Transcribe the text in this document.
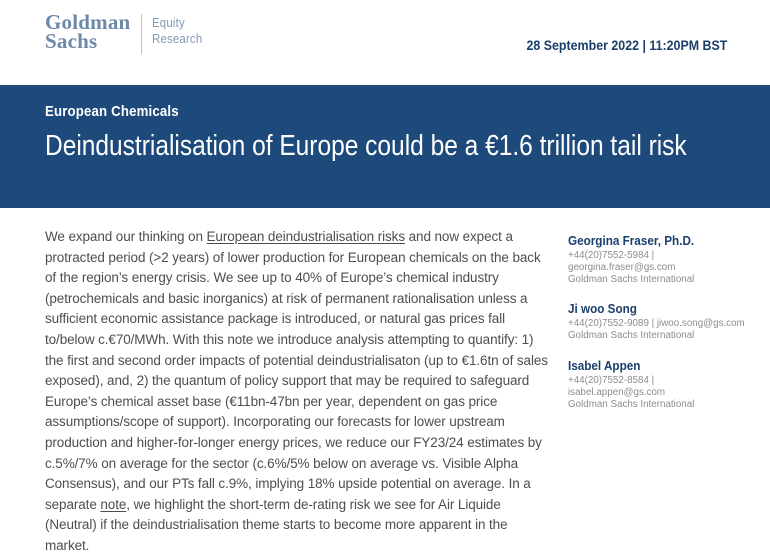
Goldman
Sachs
Equity
Research	28 September 2022 | 11:20PM BST
European Chemicals
Deindustrialisation of Europe could be a €1.6 trillion tail risk

We expand our thinking on European deindustrialisation risks and now expect a protracted period (>2 years) of lower production for European chemicals on the back of the region’s energy crisis. We see up to 40% of Europe’s chemical industry (petrochemicals and basic inorganics) at risk of permanent rationalisation unless a sufficient economic assistance package is introduced, or natural gas prices fall to/below c.€70/MWh. With this note we introduce analysis attempting to quantify: 1) the first and second order impacts of potential deindustrialisaton (up to €1.6tn of sales exposed), and, 2) the quantum of policy support that may be required to safeguard Europe’s chemical asset base (€11bn-47bn per year, dependent on gas price assumptions/scope of support). Incorporating our forecasts for lower upstream production and higher-for-longer energy prices, we reduce our FY23/24 estimates by c.5%/7% on average for the sector (c.6%/5% below on average vs. Visible Alpha Consensus), and our PTs fall c.9%, implying 18% upside potential on average. In a separate note, we highlight the short-term de-rating risk we see for Air Liquide (Neutral) if the deindustrialisation theme starts to become more apparent in the market.

Georgina Fraser, Ph.D.
+44(20)7552-5984 |
georgina.fraser@gs.com
Goldman Sachs International
Ji woo Song
+44(20)7552-9089 | jiwoo.song@gs.com
Goldman Sachs International
Isabel Appen
+44(20)7552-8584 |
isabel.appen@gs.com
Goldman Sachs International
